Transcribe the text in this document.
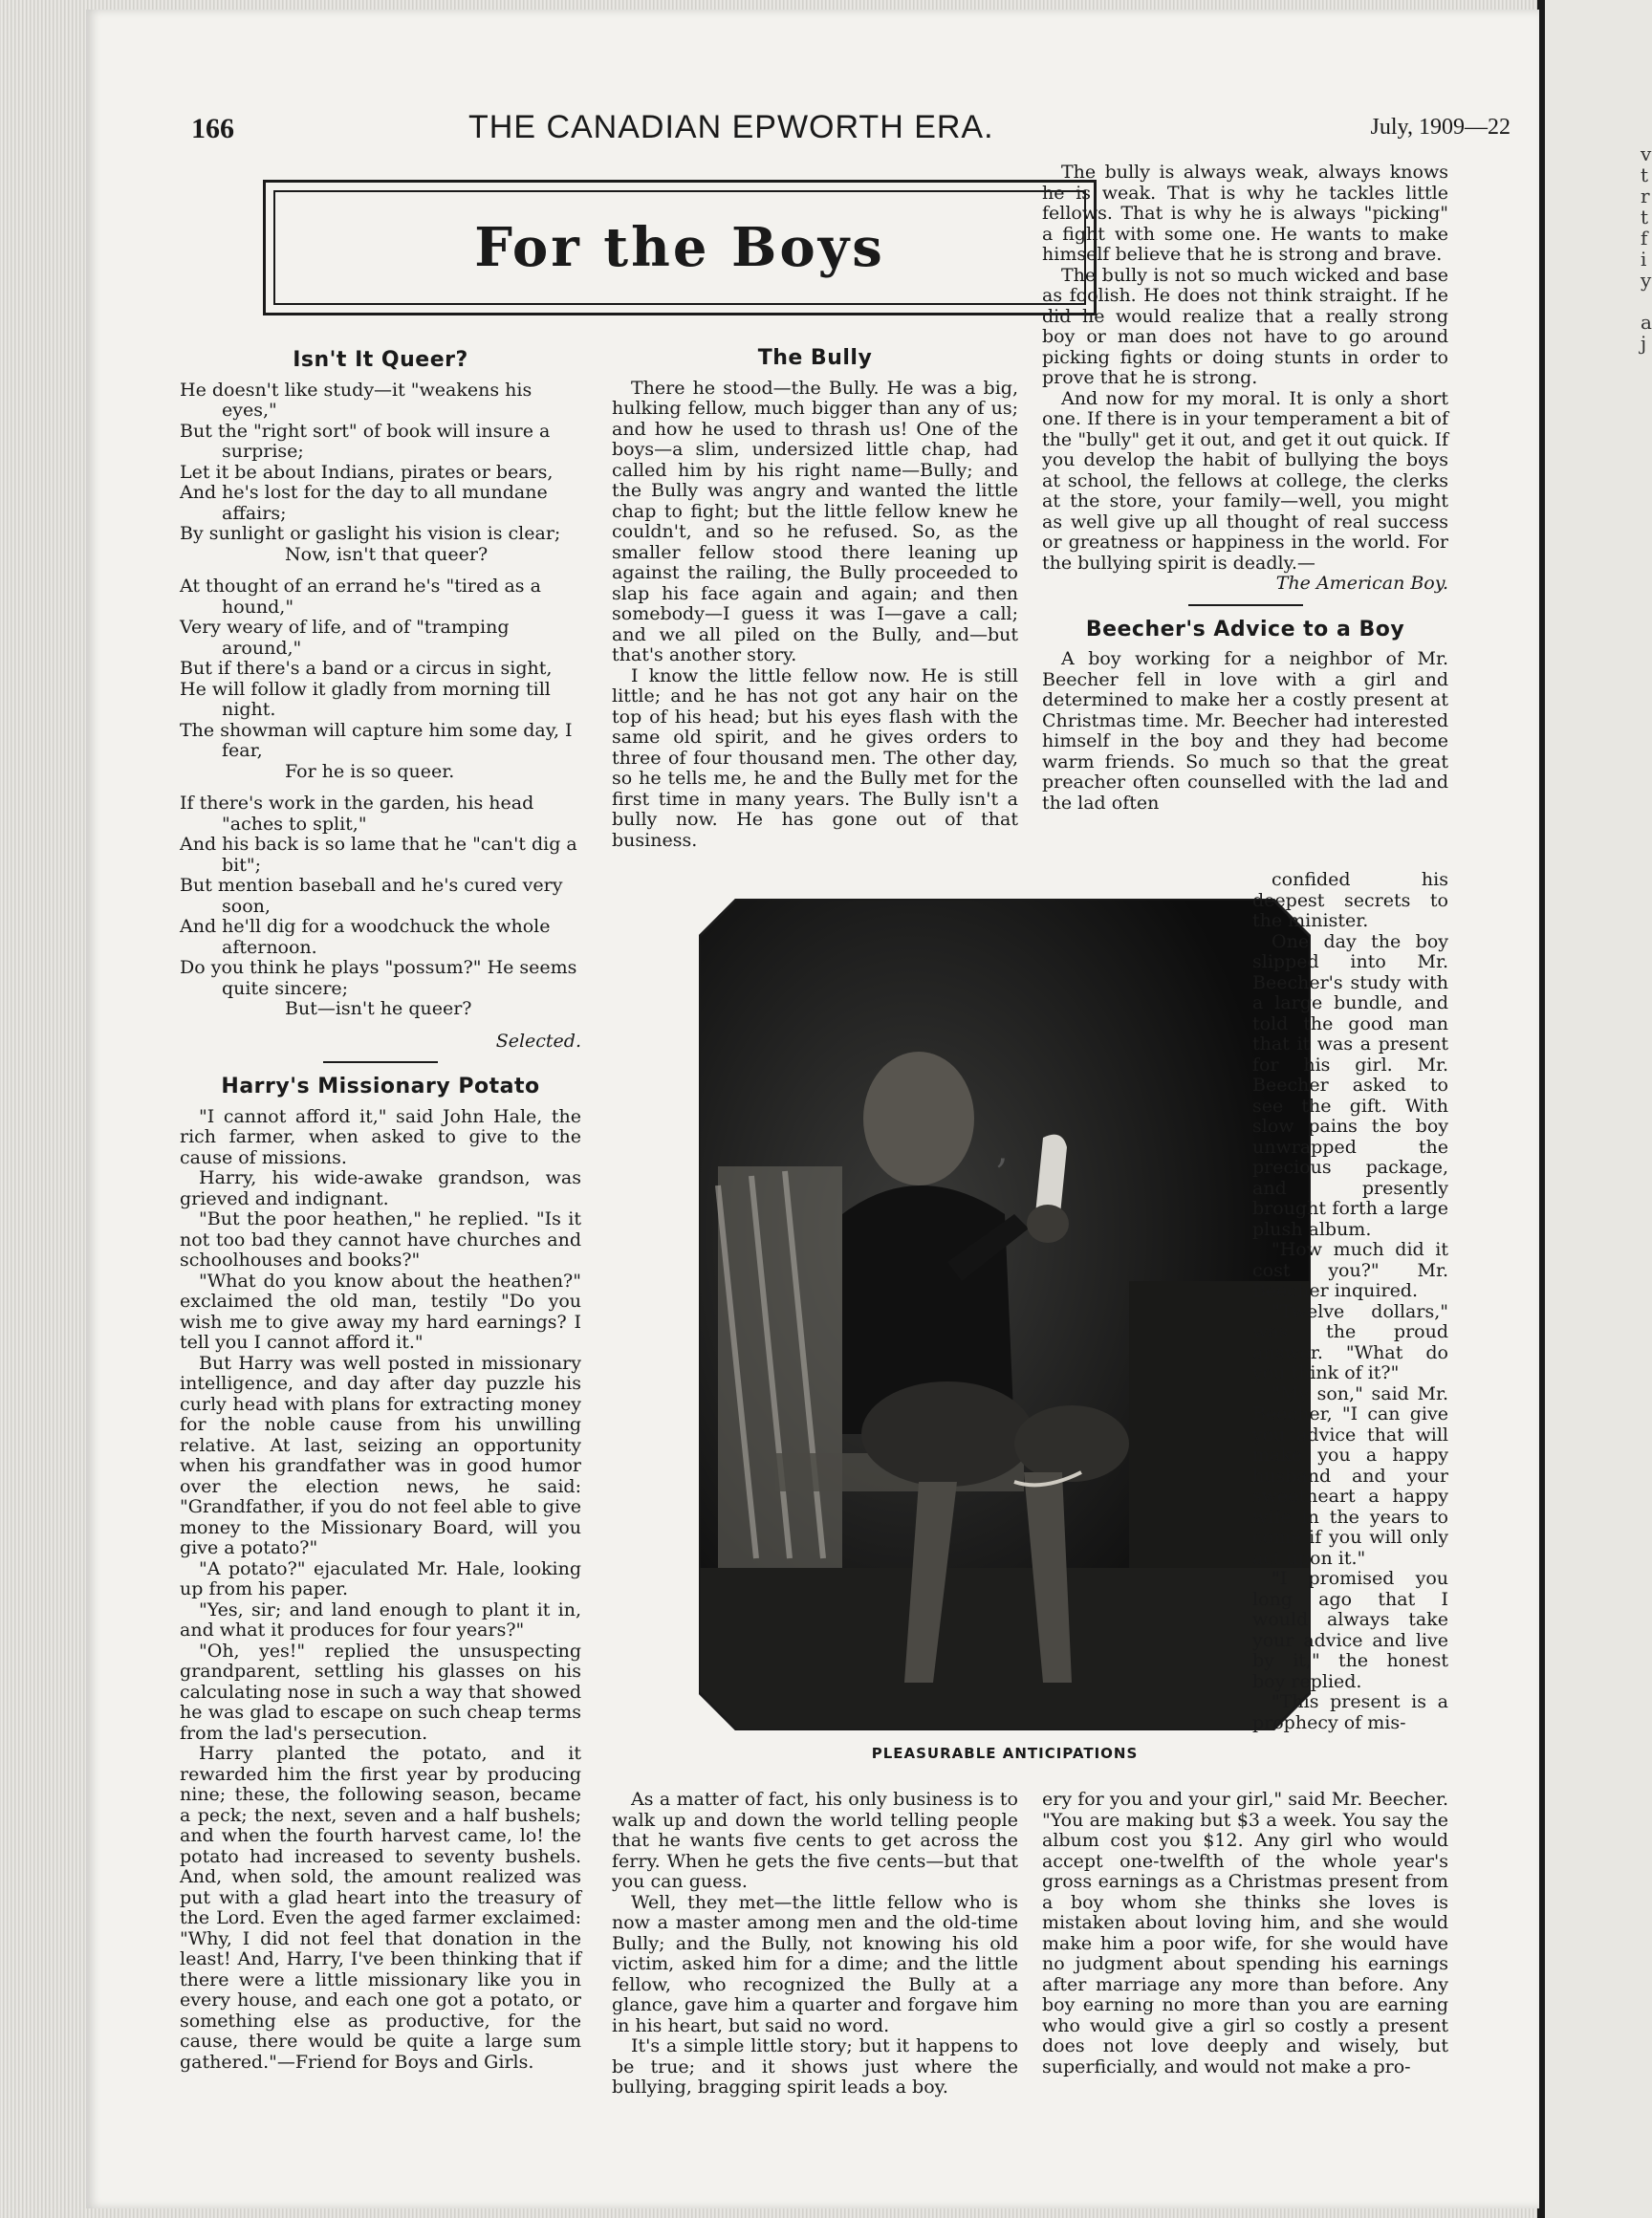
v
t
r
t
f
i
y
a
j
166	THE CANADIAN EPWORTH ERA.	July, 1909—22
For the Boys
Isn't It Queer?

He doesn't like study—it "weakens his eyes,"

But the "right sort" of book will insure a surprise;

Let it be about Indians, pirates or bears,

And he's lost for the day to all mundane affairs;

By sunlight or gaslight his vision is clear;

Now, isn't that queer?

At thought of an errand he's "tired as a hound,"

Very weary of life, and of "tramping around,"

But if there's a band or a circus in sight,

He will follow it gladly from morning till night.

The showman will capture him some day, I fear,

For he is so queer.

If there's work in the garden, his head "aches to split,"

And his back is so lame that he "can't dig a bit";

But mention baseball and he's cured very soon,

And he'll dig for a woodchuck the whole afternoon.

Do you think he plays "possum?" He seems quite sincere;

But—isn't he queer?

Selected.

Harry's Missionary Potato

"I cannot afford it," said John Hale, the rich farmer, when asked to give to the cause of missions.

Harry, his wide-awake grandson, was grieved and indignant.

"But the poor heathen," he replied. "Is it not too bad they cannot have churches and schoolhouses and books?"

"What do you know about the heathen?" exclaimed the old man, testily "Do you wish me to give away my hard earnings? I tell you I cannot afford it."

But Harry was well posted in missionary intelligence, and day after day puzzle his curly head with plans for extracting money for the noble cause from his unwilling relative. At last, seizing an opportunity when his grandfather was in good humor over the election news, he said: "Grandfather, if you do not feel able to give money to the Missionary Board, will you give a potato?"

"A potato?" ejaculated Mr. Hale, looking up from his paper.

"Yes, sir; and land enough to plant it in, and what it produces for four years?"

"Oh, yes!" replied the unsuspecting grandparent, settling his glasses on his calculating nose in such a way that showed he was glad to escape on such cheap terms from the lad's persecution.

Harry planted the potato, and it rewarded him the first year by producing nine; these, the following season, became a peck; the next, seven and a half bushels; and when the fourth harvest came, lo! the potato had increased to seventy bushels. And, when sold, the amount realized was put with a glad heart into the treasury of the Lord. Even the aged farmer exclaimed: "Why, I did not feel that donation in the least! And, Harry, I've been thinking that if there were a little missionary like you in every house, and each one got a potato, or something else as productive, for the cause, there would be quite a large sum gathered."—Friend for Boys and Girls.

The Bully

There he stood—the Bully. He was a big, hulking fellow, much bigger than any of us; and how he used to thrash us! One of the boys—a slim, undersized little chap, had called him by his right name—Bully; and the Bully was angry and wanted the little chap to fight; but the little fellow knew he couldn't, and so he refused. So, as the smaller fellow stood there leaning up against the railing, the Bully proceeded to slap his face again and again; and then somebody—I guess it was I—gave a call; and we all piled on the Bully, and—but that's another story.

I know the little fellow now. He is still little; and he has not got any hair on the top of his head; but his eyes flash with the same old spirit, and he gives orders to three of four thousand men. The other day, so he tells me, he and the Bully met for the first time in many years. The Bully isn't a bully now. He has gone out of that business.

PLEASURABLE ANTICIPATIONS

As a matter of fact, his only business is to walk up and down the world telling people that he wants five cents to get across the ferry. When he gets the five cents—but that you can guess.

Well, they met—the little fellow who is now a master among men and the old-time Bully; and the Bully, not knowing his old victim, asked him for a dime; and the little fellow, who recognized the Bully at a glance, gave him a quarter and forgave him in his heart, but said no word.

It's a simple little story; but it happens to be true; and it shows just where the bullying, bragging spirit leads a boy.

The bully is always weak, always knows he is weak. That is why he tackles little fellows. That is why he is always "picking" a fight with some one. He wants to make himself believe that he is strong and brave.

The bully is not so much wicked and base as foolish. He does not think straight. If he did he would realize that a really strong boy or man does not have to go around picking fights or doing stunts in order to prove that he is strong.

And now for my moral. It is only a short one. If there is in your temperament a bit of the "bully" get it out, and get it out quick. If you develop the habit of bullying the boys at school, the fellows at college, the clerks at the store, your family—well, you might as well give up all thought of real success or greatness or happiness in the world. For the bullying spirit is deadly.—

The American Boy.

Beecher's Advice to a Boy

A boy working for a neighbor of Mr. Beecher fell in love with a girl and determined to make her a costly present at Christmas time. Mr. Beecher had interested himself in the boy and they had become warm friends. So much so that the great preacher often counselled with the lad and the lad often

confided his deepest secrets to the minister.

One day the boy slipped into Mr. Beecher's study with a large bundle, and told the good man that it was a present for his girl. Mr. Beecher asked to see the gift. With slow pains the boy unwrapped the precious package, and presently brought forth a large plush album.

"How much did it cost you?" Mr. Beecher inquired.

"Twelve dollars," was the proud answer. "What do you think of it?"

"My son," said Mr. Beecher, "I can give you advice that will make you a happy husband and your sweetheart a happy wife in the years to come if you will only act upon it."

"I promised you long ago that I would always take your advice and live by it," the honest boy replied.

"This present is a prophecy of mis-

ery for you and your girl," said Mr. Beecher. "You are making but $3 a week. You say the album cost you $12. Any girl who would accept one-twelfth of the whole year's gross earnings as a Christmas present from a boy whom she thinks she loves is mistaken about loving him, and she would make him a poor wife, for she would have no judgment about spending his earnings after marriage any more than before. Any boy earning no more than you are earning who would give a girl so costly a present does not love deeply and wisely, but superficially, and would not make a pro-

,
